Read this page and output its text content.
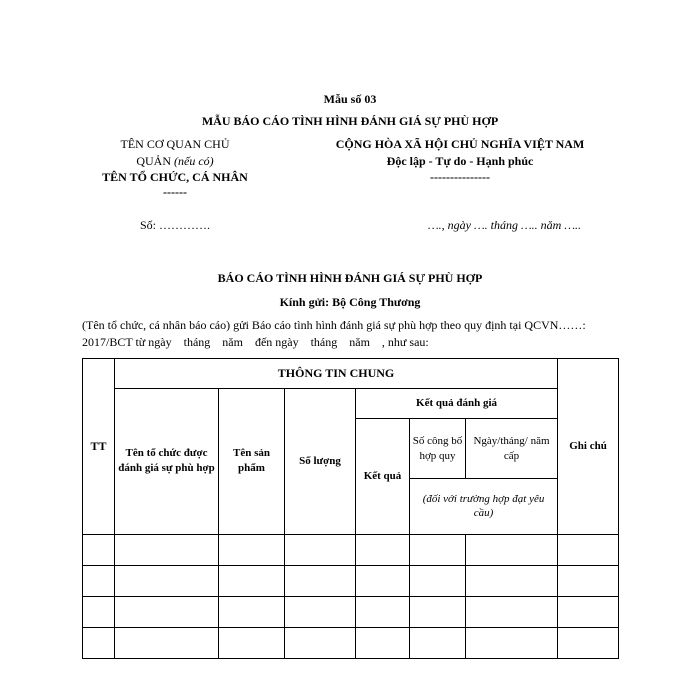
Mẫu số 03
MẪU BÁO CÁO TÌNH HÌNH ĐÁNH GIÁ SỰ PHÙ HỢP
TÊN CƠ QUAN CHỦ
QUẢN (nếu có)
TÊN TỔ CHỨC, CÁ NHÂN
------
Số: ………….
CỘNG HÒA XÃ HỘI CHỦ NGHĨA VIỆT NAM
Độc lập - Tự do - Hạnh phúc
---------------
…., ngày …. tháng ….. năm …..
BÁO CÁO TÌNH HÌNH ĐÁNH GIÁ SỰ PHÙ HỢP
Kính gửi: Bộ Công Thương
(Tên tổ chức, cá nhân báo cáo) gửi Báo cáo tình hình đánh giá sự phù hợp theo quy định tại QCVN……:
2017/BCT từ ngày    tháng    năm    đến ngày    tháng    năm    , như sau:
TT	THÔNG TIN CHUNG						Ghi chú
	Tên tổ chức được đánh giá sự phù hợp	Tên sản phẩm	Số lượng	Kết quả đánh giá			
				Kết quả	Số công bố hợp quy	Ngày/tháng/ năm cấp	
					(đối với trường hợp đạt yêu cầu)		
